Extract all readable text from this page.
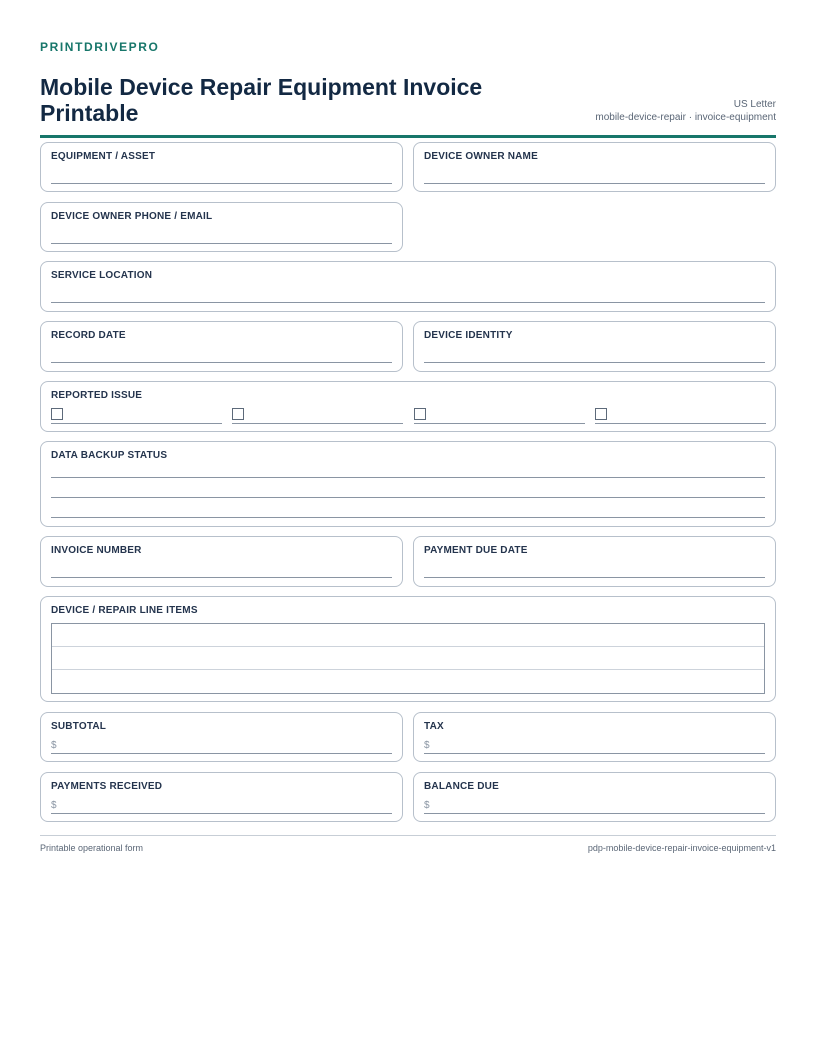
PRINTDRIVEPRO
Mobile Device Repair Equipment Invoice Printable	US Letter
mobile-device-repair · invoice-equipment
EQUIPMENT / ASSET	DEVICE OWNER NAME
DEVICE OWNER PHONE / EMAIL
SERVICE LOCATION
RECORD DATE	DEVICE IDENTITY
REPORTED ISSUE
DATA BACKUP STATUS
INVOICE NUMBER	PAYMENT DUE DATE
DEVICE / REPAIR LINE ITEMS
SUBTOTAL
$
TAX
$
PAYMENTS RECEIVED
$
BALANCE DUE
$
Printable operational form	pdp-mobile-device-repair-invoice-equipment-v1
